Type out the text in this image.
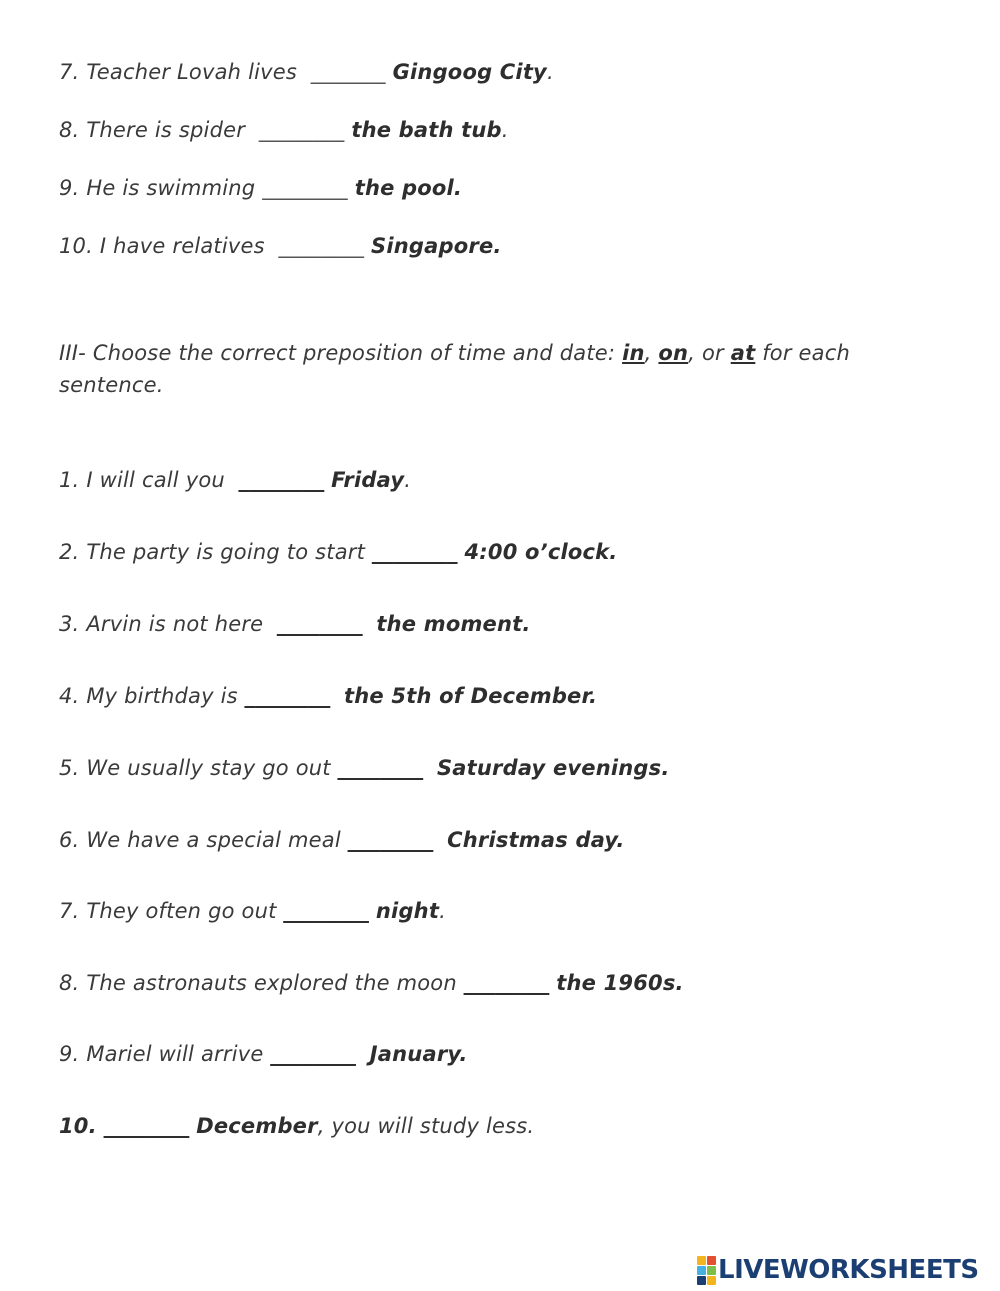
7. Teacher Lovah lives _______ Gingoog City.
8. There is spider ________ the bath tub.
9. He is swimming ________ the pool.
10. I have relatives ________ Singapore.
III- Choose the correct preposition of time and date: in, on, or at for each sentence.
1. I will call you ________ Friday.
2. The party is going to start ________ 4:00 o’clock.
3. Arvin is not here ________ the moment.
4. My birthday is ________ the 5th of December.
5. We usually stay go out ________ Saturday evenings.
6. We have a special meal ________ Christmas day.
7. They often go out ________ night.
8. The astronauts explored the moon ________ the 1960s.
9. Mariel will arrive ________ January.
10. ________ December, you will study less.
LIVEWORKSHEETS
